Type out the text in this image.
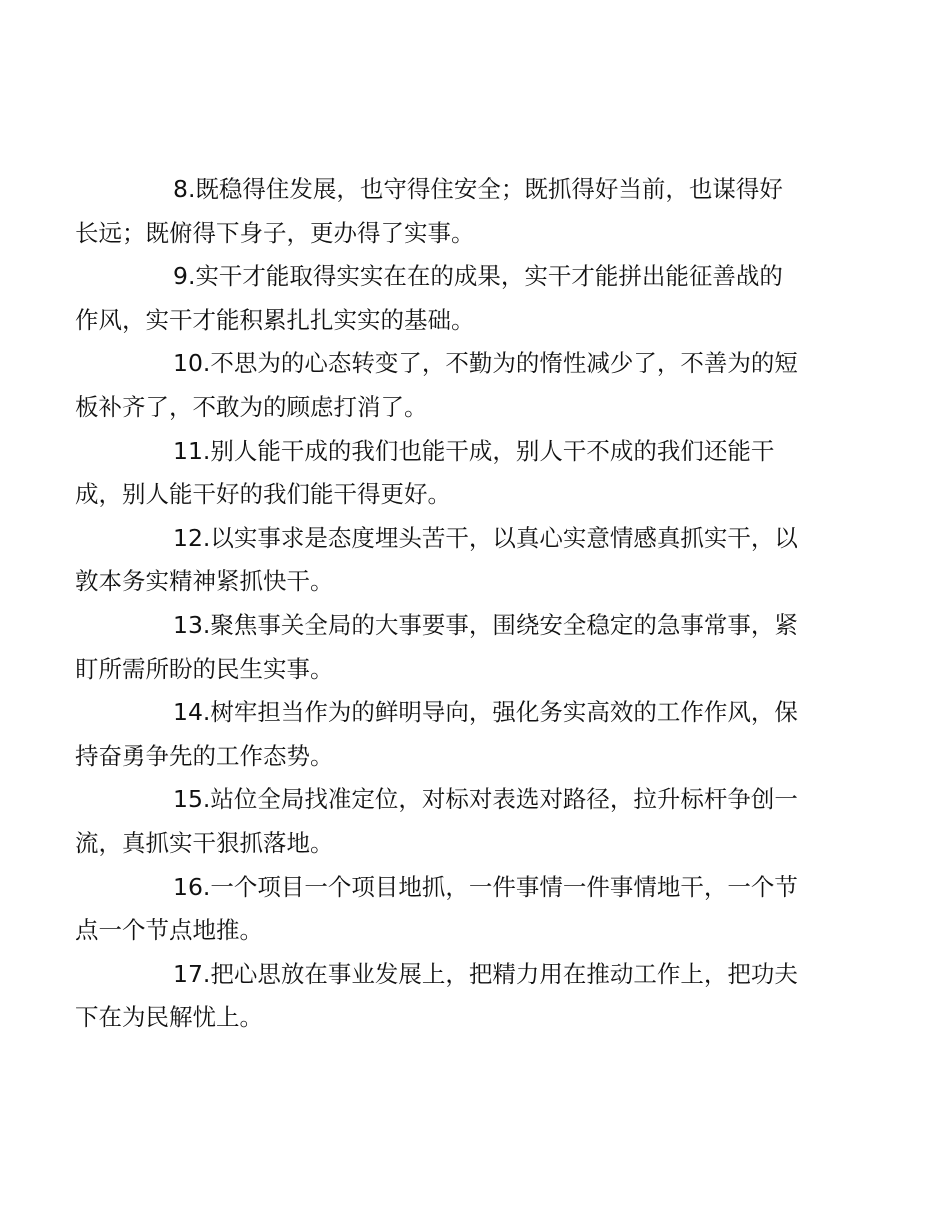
8.既稳得住发展，也守得住安全；既抓得好当前，也谋得好
长远；既俯得下身子，更办得了实事。

9.实干才能取得实实在在的成果，实干才能拼出能征善战的
作风，实干才能积累扎扎实实的基础。

10.不思为的心态转变了，不勤为的惰性减少了，不善为的短
板补齐了，不敢为的顾虑打消了。

11.别人能干成的我们也能干成，别人干不成的我们还能干
成，别人能干好的我们能干得更好。

12.以实事求是态度埋头苦干，以真心实意情感真抓实干，以
敦本务实精神紧抓快干。

13.聚焦事关全局的大事要事，围绕安全稳定的急事常事，紧
盯所需所盼的民生实事。

14.树牢担当作为的鲜明导向，强化务实高效的工作作风，保
持奋勇争先的工作态势。

15.站位全局找准定位，对标对表选对路径，拉升标杆争创一
流，真抓实干狠抓落地。

16.一个项目一个项目地抓，一件事情一件事情地干，一个节
点一个节点地推。

17.把心思放在事业发展上，把精力用在推动工作上，把功夫
下在为民解忧上。
